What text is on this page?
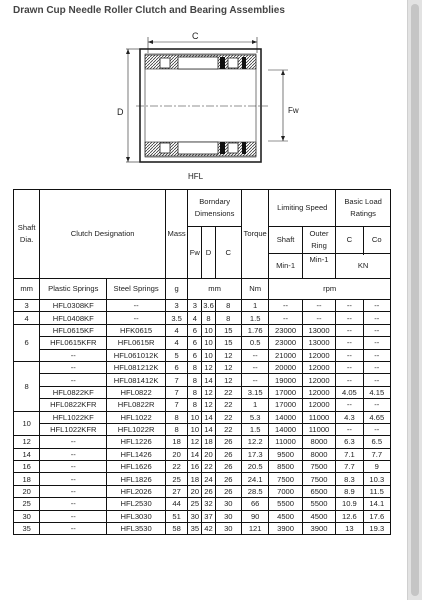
Drawn Cup Needle Roller Clutch and Bearing Assemblies
C
D	Fw
HFL
Shaft
Dia.	Clutch Designation		Mass	Borndary
Dimensions			Torque	Limiting Speed		Basic Load
Ratings	
				Fw	D	C		Shaft	Outer
Ring	C	Co
									Min-1		
								Min-1		KN	
mm	Plastic Springs	Steel Springs	g	mm			Nm	rpm			
3	HFL0308KF	--	3	3	3.6	8	1	--	--	--	--
4	HFL0408KF	--	3.5	4	8	8	1.5	--	--	--	--
6	HFL0615KF	HFK0615	4	6	10	15	1.76	23000	13000	--	--
	HFL0615KFR	HFL0615R	4	6	10	15	0.5	23000	13000	--	--
	--	HFL061012K	5	6	10	12	--	21000	12000	--	--
8	--	HFL081212K	6	8	12	12	--	20000	12000	--	--
	--	HFL081412K	7	8	14	12	--	19000	12000	--	--
	HFL0822KF	HFL0822	7	8	12	22	3.15	17000	12000	4.05	4.15
	HFL0822KFR	HFL0822R	7	8	12	22	1	17000	12000	--	--
10	HFL1022KF	HFL1022	8	10	14	22	5.3	14000	11000	4.3	4.65
	HFL1022KFR	HFL1022R	8	10	14	22	1.5	14000	11000	--	--
12	--	HFL1226	18	12	18	26	12.2	11000	8000	6.3	6.5
14	--	HFL1426	20	14	20	26	17.3	9500	8000	7.1	7.7
16	--	HFL1626	22	16	22	26	20.5	8500	7500	7.7	9
18	--	HFL1826	25	18	24	26	24.1	7500	7500	8.3	10.3
20	--	HFL2026	27	20	26	26	28.5	7000	6500	8.9	11.5
25	--	HFL2530	44	25	32	30	66	5500	5500	10.9	14.1
30	--	HFL3030	51	30	37	30	90	4500	4500	12.6	17.6
35	--	HFL3530	58	35	42	30	121	3900	3900	13	19.3
